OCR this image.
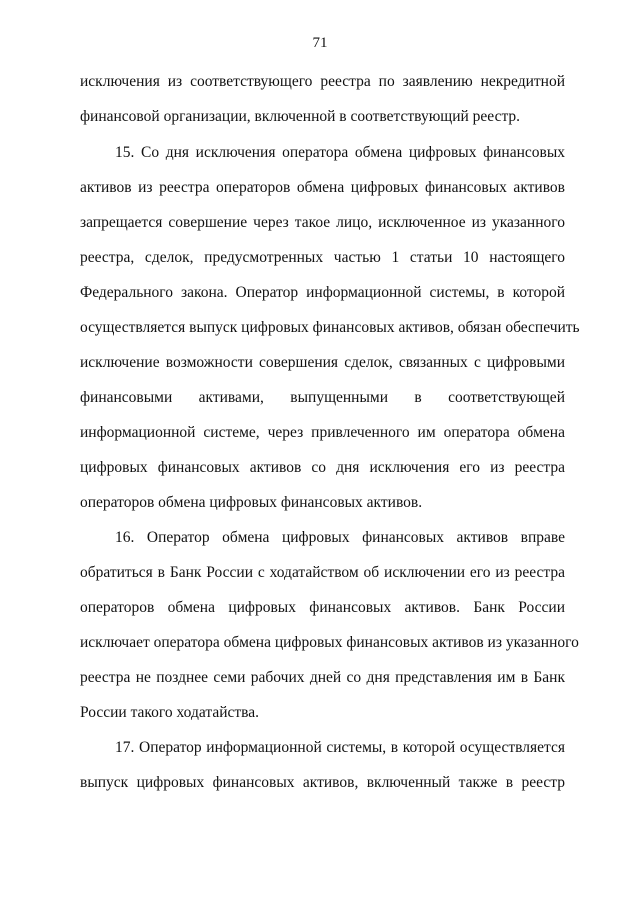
71
исключения из соответствующего реестра по заявлению некредитной
финансовой организации, включенной в соответствующий реестр.
15. Со дня исключения оператора обмена цифровых финансовых
активов из реестра операторов обмена цифровых финансовых активов
запрещается совершение через такое лицо, исключенное из указанного
реестра, сделок, предусмотренных частью 1 статьи 10 настоящего
Федерального закона. Оператор информационной системы, в которой
осуществляется выпуск цифровых финансовых активов, обязан обеспечить
исключение возможности совершения сделок, связанных с цифровыми
финансовыми активами, выпущенными в соответствующей
информационной системе, через привлеченного им оператора обмена
цифровых финансовых активов со дня исключения его из реестра
операторов обмена цифровых финансовых активов.
16. Оператор обмена цифровых финансовых активов вправе
обратиться в Банк России с ходатайством об исключении его из реестра
операторов обмена цифровых финансовых активов. Банк России
исключает оператора обмена цифровых финансовых активов из указанного
реестра не позднее семи рабочих дней со дня представления им в Банк
России такого ходатайства.
17. Оператор информационной системы, в которой осуществляется
выпуск цифровых финансовых активов, включенный также в реестр
